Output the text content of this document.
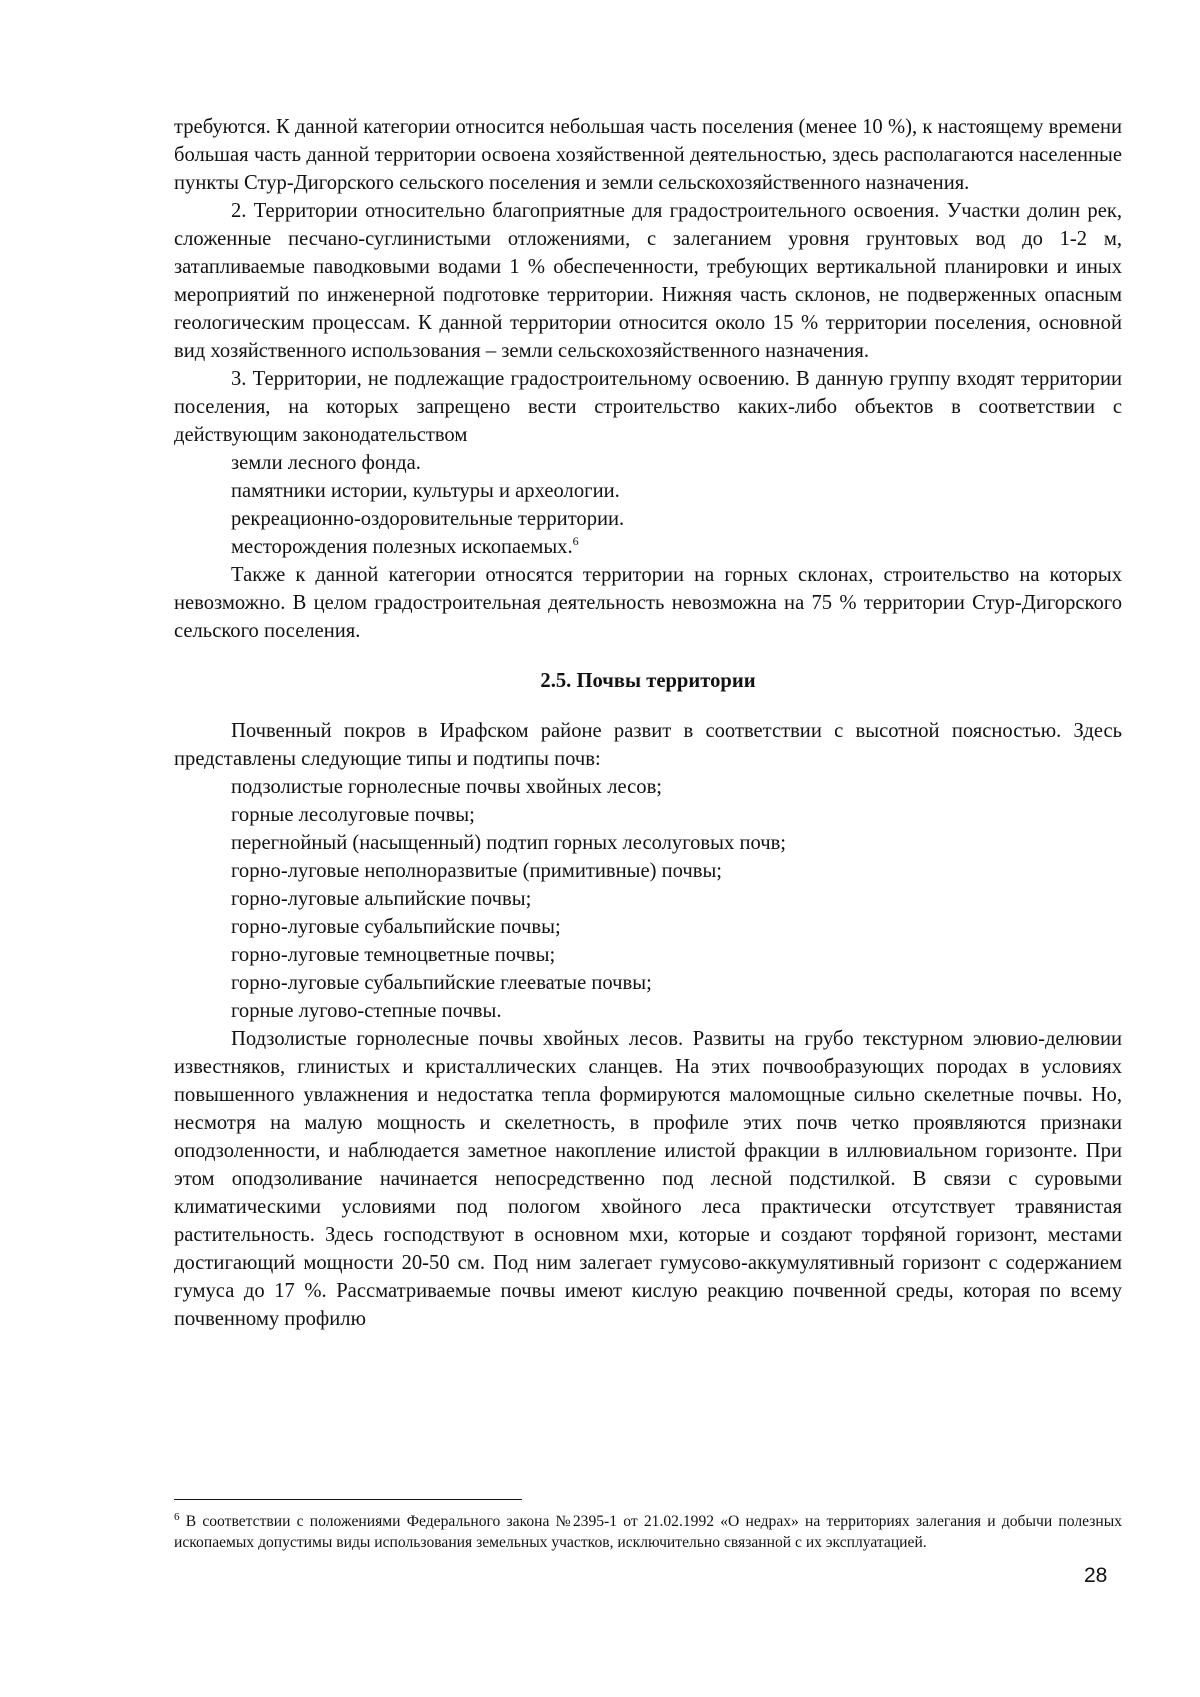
требуются. К данной категории относится небольшая часть поселения (менее 10 %), к настоящему времени большая часть данной территории освоена хозяйственной деятельностью, здесь располагаются населенные пункты Стур-Дигорского сельского поселения и земли сельскохозяйственного назначения.

2. Территории относительно благоприятные для градостроительного освоения. Участки долин рек, сложенные песчано-суглинистыми отложениями, с залеганием уровня грунтовых вод до 1-2 м, затапливаемые паводковыми водами 1 % обеспеченности, требующих вертикальной планировки и иных мероприятий по инженерной подготовке территории. Нижняя часть склонов, не подверженных опасным геологическим процессам. К данной территории относится около 15 % территории поселения, основной вид хозяйственного использования – земли сельскохозяйственного назначения.

3. Территории, не подлежащие градостроительному освоению. В данную группу входят территории поселения, на которых запрещено вести строительство каких-либо объектов в соответствии с действующим законодательством

земли лесного фонда.

памятники истории, культуры и археологии.

рекреационно-оздоровительные территории.

месторождения полезных ископаемых.$^6$

Также к данной категории относятся территории на горных склонах, строительство на которых невозможно. В целом градостроительная деятельность невозможна на 75 % территории Стур-Дигорского сельского поселения.

2.5. Почвы территории

Почвенный покров в Ирафском районе развит в соответствии с высотной поясностью. Здесь представлены следующие типы и подтипы почв:

подзолистые горнолесные почвы хвойных лесов;

горные лесолуговые почвы;

перегнойный (насыщенный) подтип горных лесолуговых почв;

горно-луговые неполноразвитые (примитивные) почвы;

горно-луговые альпийские почвы;

горно-луговые субальпийские почвы;

горно-луговые темноцветные почвы;

горно-луговые субальпийские глееватые почвы;

горные лугово-степные почвы.

Подзолистые горнолесные почвы хвойных лесов. Развиты на грубо текстурном элювио-делювии известняков, глинистых и кристаллических сланцев. На этих почвообразующих породах в условиях повышенного увлажнения и недостатка тепла формируются маломощные сильно скелетные почвы. Но, несмотря на малую мощность и скелетность, в профиле этих почв четко проявляются признаки оподзоленности, и наблюдается заметное накопление илистой фракции в иллювиальном горизонте. При этом оподзоливание начинается непосредственно под лесной подстилкой. В связи с суровыми климатическими условиями под пологом хвойного леса практически отсутствует травянистая растительность. Здесь господствуют в основном мхи, которые и создают торфяной горизонт, местами достигающий мощности 20-50 см. Под ним залегает гумусово-аккумулятивный горизонт с содержанием гумуса до 17 %. Рассматриваемые почвы имеют кислую реакцию почвенной среды, которая по всему почвенному профилю

$^6$ В соответствии с положениями Федерального закона №2395-1 от 21.02.1992 «О недрах» на территориях залегания и добычи полезных ископаемых допустимы виды использования земельных участков, исключительно связанной с их эксплуатацией.

28
